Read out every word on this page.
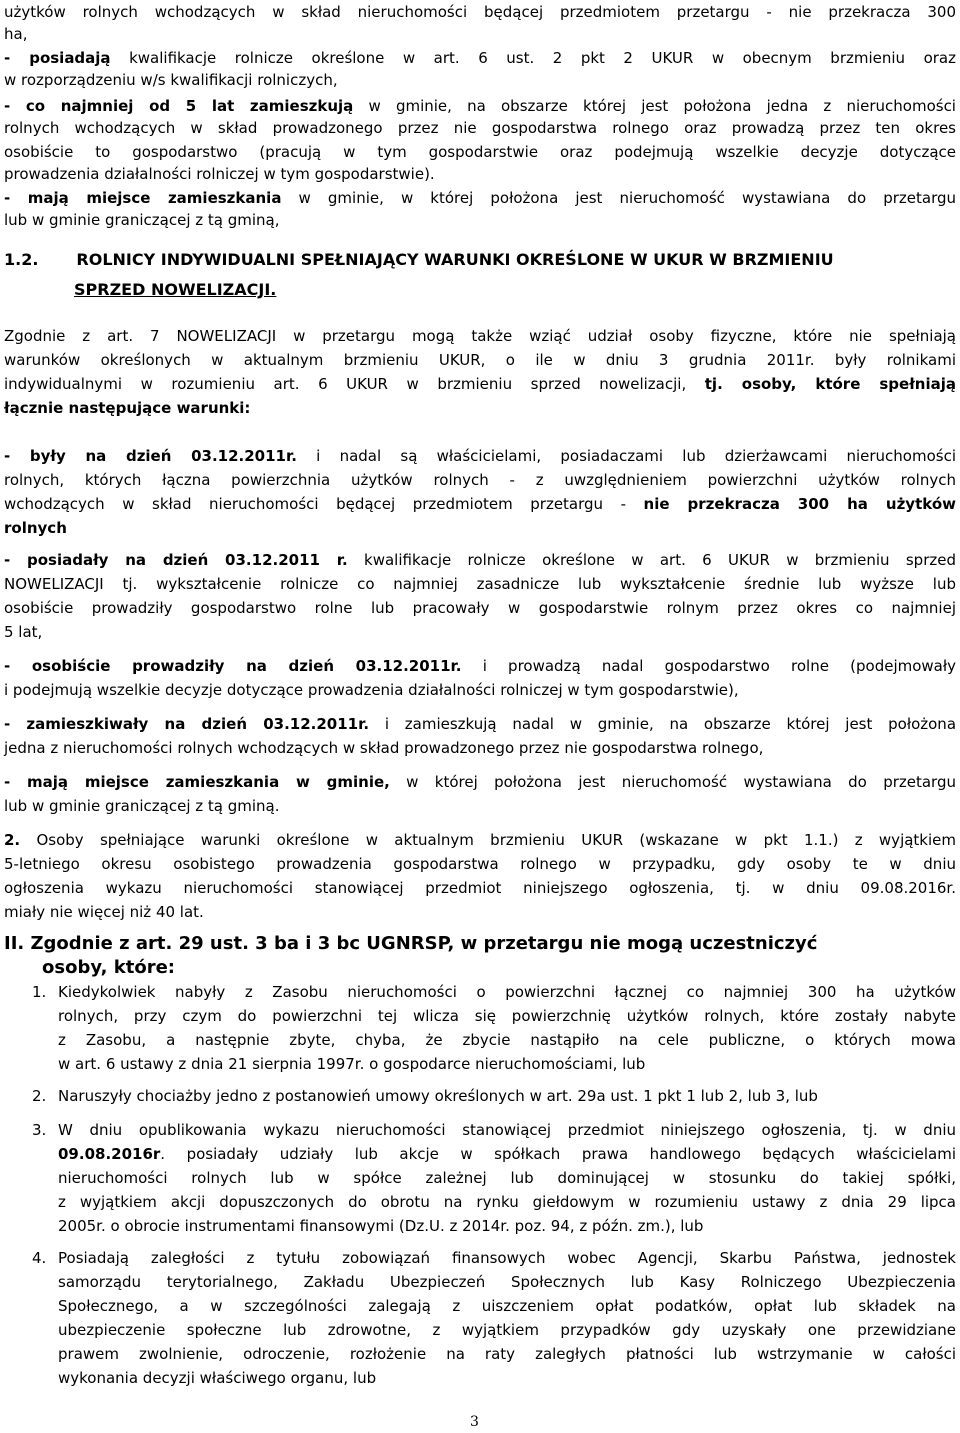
użytków rolnych wchodzących w skład nieruchomości będącej przedmiotem przetargu - nie przekracza 300
ha,
- posiadają kwalifikacje rolnicze określone w art. 6 ust. 2 pkt 2 UKUR w obecnym brzmieniu oraz
w rozporządzeniu w/s kwalifikacji rolniczych,
- co najmniej od 5 lat zamieszkują w gminie, na obszarze której jest położona jedna z nieruchomości
rolnych wchodzących w skład prowadzonego przez nie gospodarstwa rolnego oraz prowadzą przez ten okres
osobiście to gospodarstwo (pracują w tym gospodarstwie oraz podejmują wszelkie decyzje dotyczące
prowadzenia działalności rolniczej w tym gospodarstwie).
- mają miejsce zamieszkania w gminie, w której położona jest nieruchomość wystawiana do przetargu
lub w gminie graniczącej z tą gminą,
Zgodnie z art. 7 NOWELIZACJI w przetargu mogą także wziąć udział osoby fizyczne, które nie spełniają
warunków określonych w aktualnym brzmieniu UKUR, o ile w dniu 3 grudnia 2011r. były rolnikami
indywidualnymi w rozumieniu art. 6 UKUR w brzmieniu sprzed nowelizacji, tj. osoby, które spełniają
łącznie następujące warunki:
- były na dzień 03.12.2011r. i nadal są właścicielami, posiadaczami lub dzierżawcami nieruchomości
rolnych, których łączna powierzchnia użytków rolnych - z uwzględnieniem powierzchni użytków rolnych
wchodzących w skład nieruchomości będącej przedmiotem przetargu - nie przekracza 300 ha użytków
rolnych
- posiadały na dzień 03.12.2011 r. kwalifikacje rolnicze określone w art. 6 UKUR w brzmieniu sprzed
NOWELIZACJI tj. wykształcenie rolnicze co najmniej zasadnicze lub wykształcenie średnie lub wyższe lub
osobiście prowadziły gospodarstwo rolne lub pracowały w gospodarstwie rolnym przez okres co najmniej
5 lat,
- osobiście prowadziły na dzień 03.12.2011r. i prowadzą nadal gospodarstwo rolne (podejmowały
i podejmują wszelkie decyzje dotyczące prowadzenia działalności rolniczej w tym gospodarstwie),
- zamieszkiwały na dzień 03.12.2011r. i zamieszkują nadal w gminie, na obszarze której jest położona
jedna z nieruchomości rolnych wchodzących w skład prowadzonego przez nie gospodarstwa rolnego,
- mają miejsce zamieszkania w gminie, w której położona jest nieruchomość wystawiana do przetargu
lub w gminie graniczącej z tą gminą.
2. Osoby spełniające warunki określone w aktualnym brzmieniu UKUR (wskazane w pkt 1.1.) z wyjątkiem
5-letniego okresu osobistego prowadzenia gospodarstwa rolnego w przypadku, gdy osoby te w dniu
ogłoszenia wykazu nieruchomości stanowiącej przedmiot niniejszego ogłoszenia, tj. w dniu 09.08.2016r.
miały nie więcej niż 40 lat.
1.2. ROLNICY INDYWIDUALNI SPEŁNIAJĄCY WARUNKI OKREŚLONE W UKUR W BRZMIENIU
SPRZED NOWELIZACJI.
II. Zgodnie z art. 29 ust. 3 ba i 3 bc UGNRSP, w przetargu nie mogą uczestniczyć
osoby, które:
1. Kiedykolwiek nabyły z Zasobu nieruchomości o powierzchni łącznej co najmniej 300 ha użytków
rolnych, przy czym do powierzchni tej wlicza się powierzchnię użytków rolnych, które zostały nabyte
z Zasobu, a następnie zbyte, chyba, że zbycie nastąpiło na cele publiczne, o których mowa
w art. 6 ustawy z dnia 21 sierpnia 1997r. o gospodarce nieruchomościami, lub
2. Naruszyły chociażby jedno z postanowień umowy określonych w art. 29a ust. 1 pkt 1 lub 2, lub 3, lub
3. W dniu opublikowania wykazu nieruchomości stanowiącej przedmiot niniejszego ogłoszenia, tj. w dniu
09.08.2016r. posiadały udziały lub akcje w spółkach prawa handlowego będących właścicielami
nieruchomości rolnych lub w spółce zależnej lub dominującej w stosunku do takiej spółki,
z wyjątkiem akcji dopuszczonych do obrotu na rynku giełdowym w rozumieniu ustawy z dnia 29 lipca
2005r. o obrocie instrumentami finansowymi (Dz.U. z 2014r. poz. 94, z późn. zm.), lub
4. Posiadają zaległości z tytułu zobowiązań finansowych wobec Agencji, Skarbu Państwa, jednostek
samorządu terytorialnego, Zakładu Ubezpieczeń Społecznych lub Kasy Rolniczego Ubezpieczenia
Społecznego, a w szczególności zalegają z uiszczeniem opłat podatków, opłat lub składek na
ubezpieczenie społeczne lub zdrowotne, z wyjątkiem przypadków gdy uzyskały one przewidziane
prawem zwolnienie, odroczenie, rozłożenie na raty zaległych płatności lub wstrzymanie w całości
wykonania decyzji właściwego organu, lub
3
